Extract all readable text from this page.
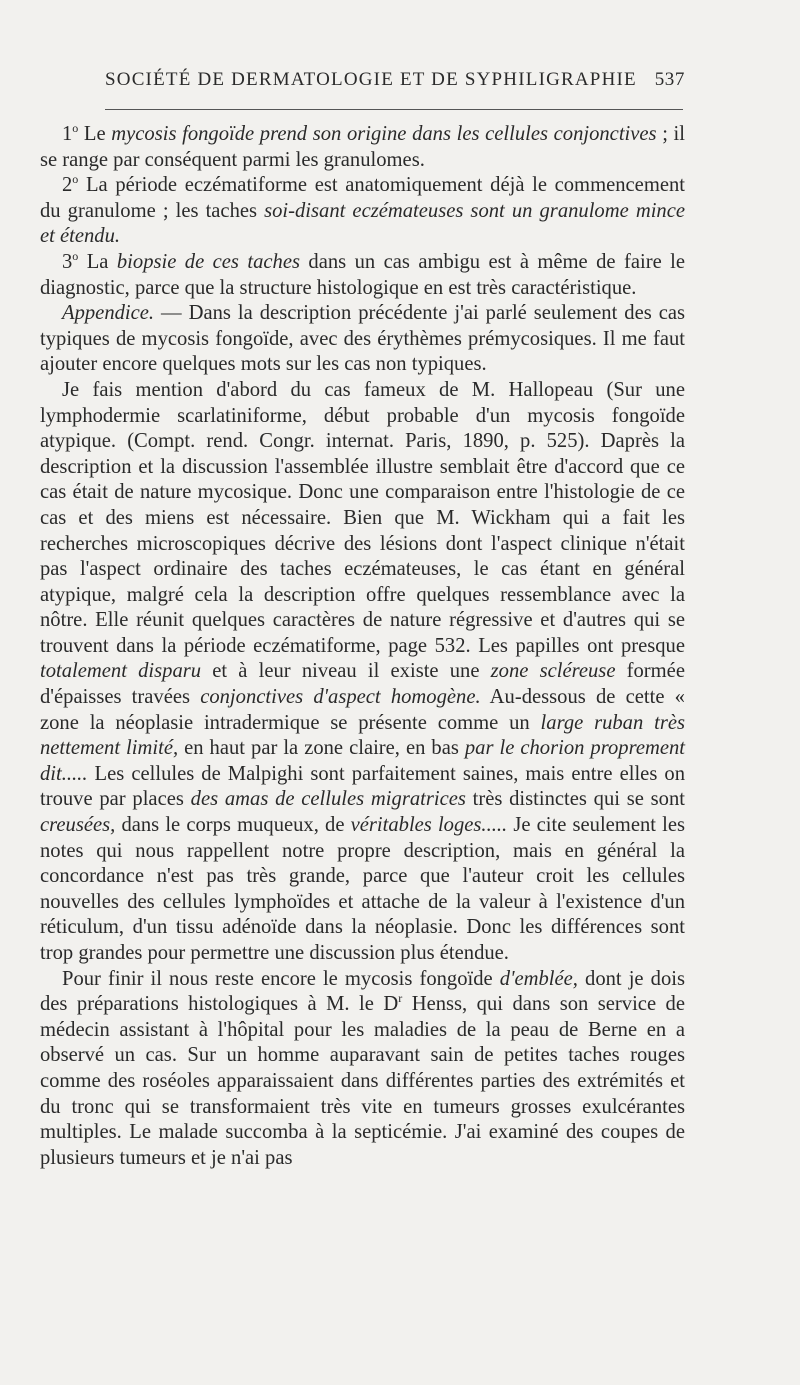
SOCIÉTÉ DE DERMATOLOGIE ET DE SYPHILIGRAPHIE 537

1$^o$ Le mycosis fongoïde prend son origine dans les cellules conjonctives ; il se range par conséquent parmi les granulomes.

2$^o$ La période eczématiforme est anatomiquement déjà le commencement du granulome ; les taches soi-disant eczémateuses sont un granulome mince et étendu.

3$^o$ La biopsie de ces taches dans un cas ambigu est à même de faire le diagnostic, parce que la structure histologique en est très caractéristique.

Appendice. — Dans la description précédente j'ai parlé seulement des cas typiques de mycosis fongoïde, avec des érythèmes prémycosiques. Il me faut ajouter encore quelques mots sur les cas non typiques.

Je fais mention d'abord du cas fameux de M. Hallopeau (Sur une lymphodermie scarlatiniforme, début probable d'un mycosis fongoïde atypique. (Compt. rend. Congr. internat. Paris, 1890, p. 525). Daprès la description et la discussion l'assemblée illustre semblait être d'accord que ce cas était de nature mycosique. Donc une comparaison entre l'histologie de ce cas et des miens est nécessaire. Bien que M. Wickham qui a fait les recherches microscopiques décrive des lésions dont l'aspect clinique n'était pas l'aspect ordinaire des taches eczémateuses, le cas étant en général atypique, malgré cela la description offre quelques ressemblance avec la nôtre. Elle réunit quelques caractères de nature régressive et d'autres qui se trouvent dans la période eczématiforme, page 532. Les papilles ont presque totalement disparu et à leur niveau il existe une zone scléreuse formée d'épaisses travées conjonctives d'aspect homogène. Au-dessous de cette « zone la néoplasie intradermique se présente comme un large ruban très nettement limité, en haut par la zone claire, en bas par le chorion proprement dit..... Les cellules de Malpighi sont parfaitement saines, mais entre elles on trouve par places des amas de cellules migratrices très distinctes qui se sont creusées, dans le corps muqueux, de véritables loges..... Je cite seulement les notes qui nous rappellent notre propre description, mais en général la concordance n'est pas très grande, parce que l'auteur croit les cellules nouvelles des cellules lymphoïdes et attache de la valeur à l'existence d'un réticulum, d'un tissu adénoïde dans la néoplasie. Donc les différences sont trop grandes pour permettre une discussion plus étendue.

Pour finir il nous reste encore le mycosis fongoïde d'emblée, dont je dois des préparations histologiques à M. le $D^r$ Henss, qui dans son service de médecin assistant à l'hôpital pour les maladies de la peau de Berne en a observé un cas. Sur un homme auparavant sain de petites taches rouges comme des roséoles apparaissaient dans différentes parties des extrémités et du tronc qui se transformaient très vite en tumeurs grosses exulcérantes multiples. Le malade succomba à la septicémie. J'ai examiné des coupes de plusieurs tumeurs et je n'ai pas
